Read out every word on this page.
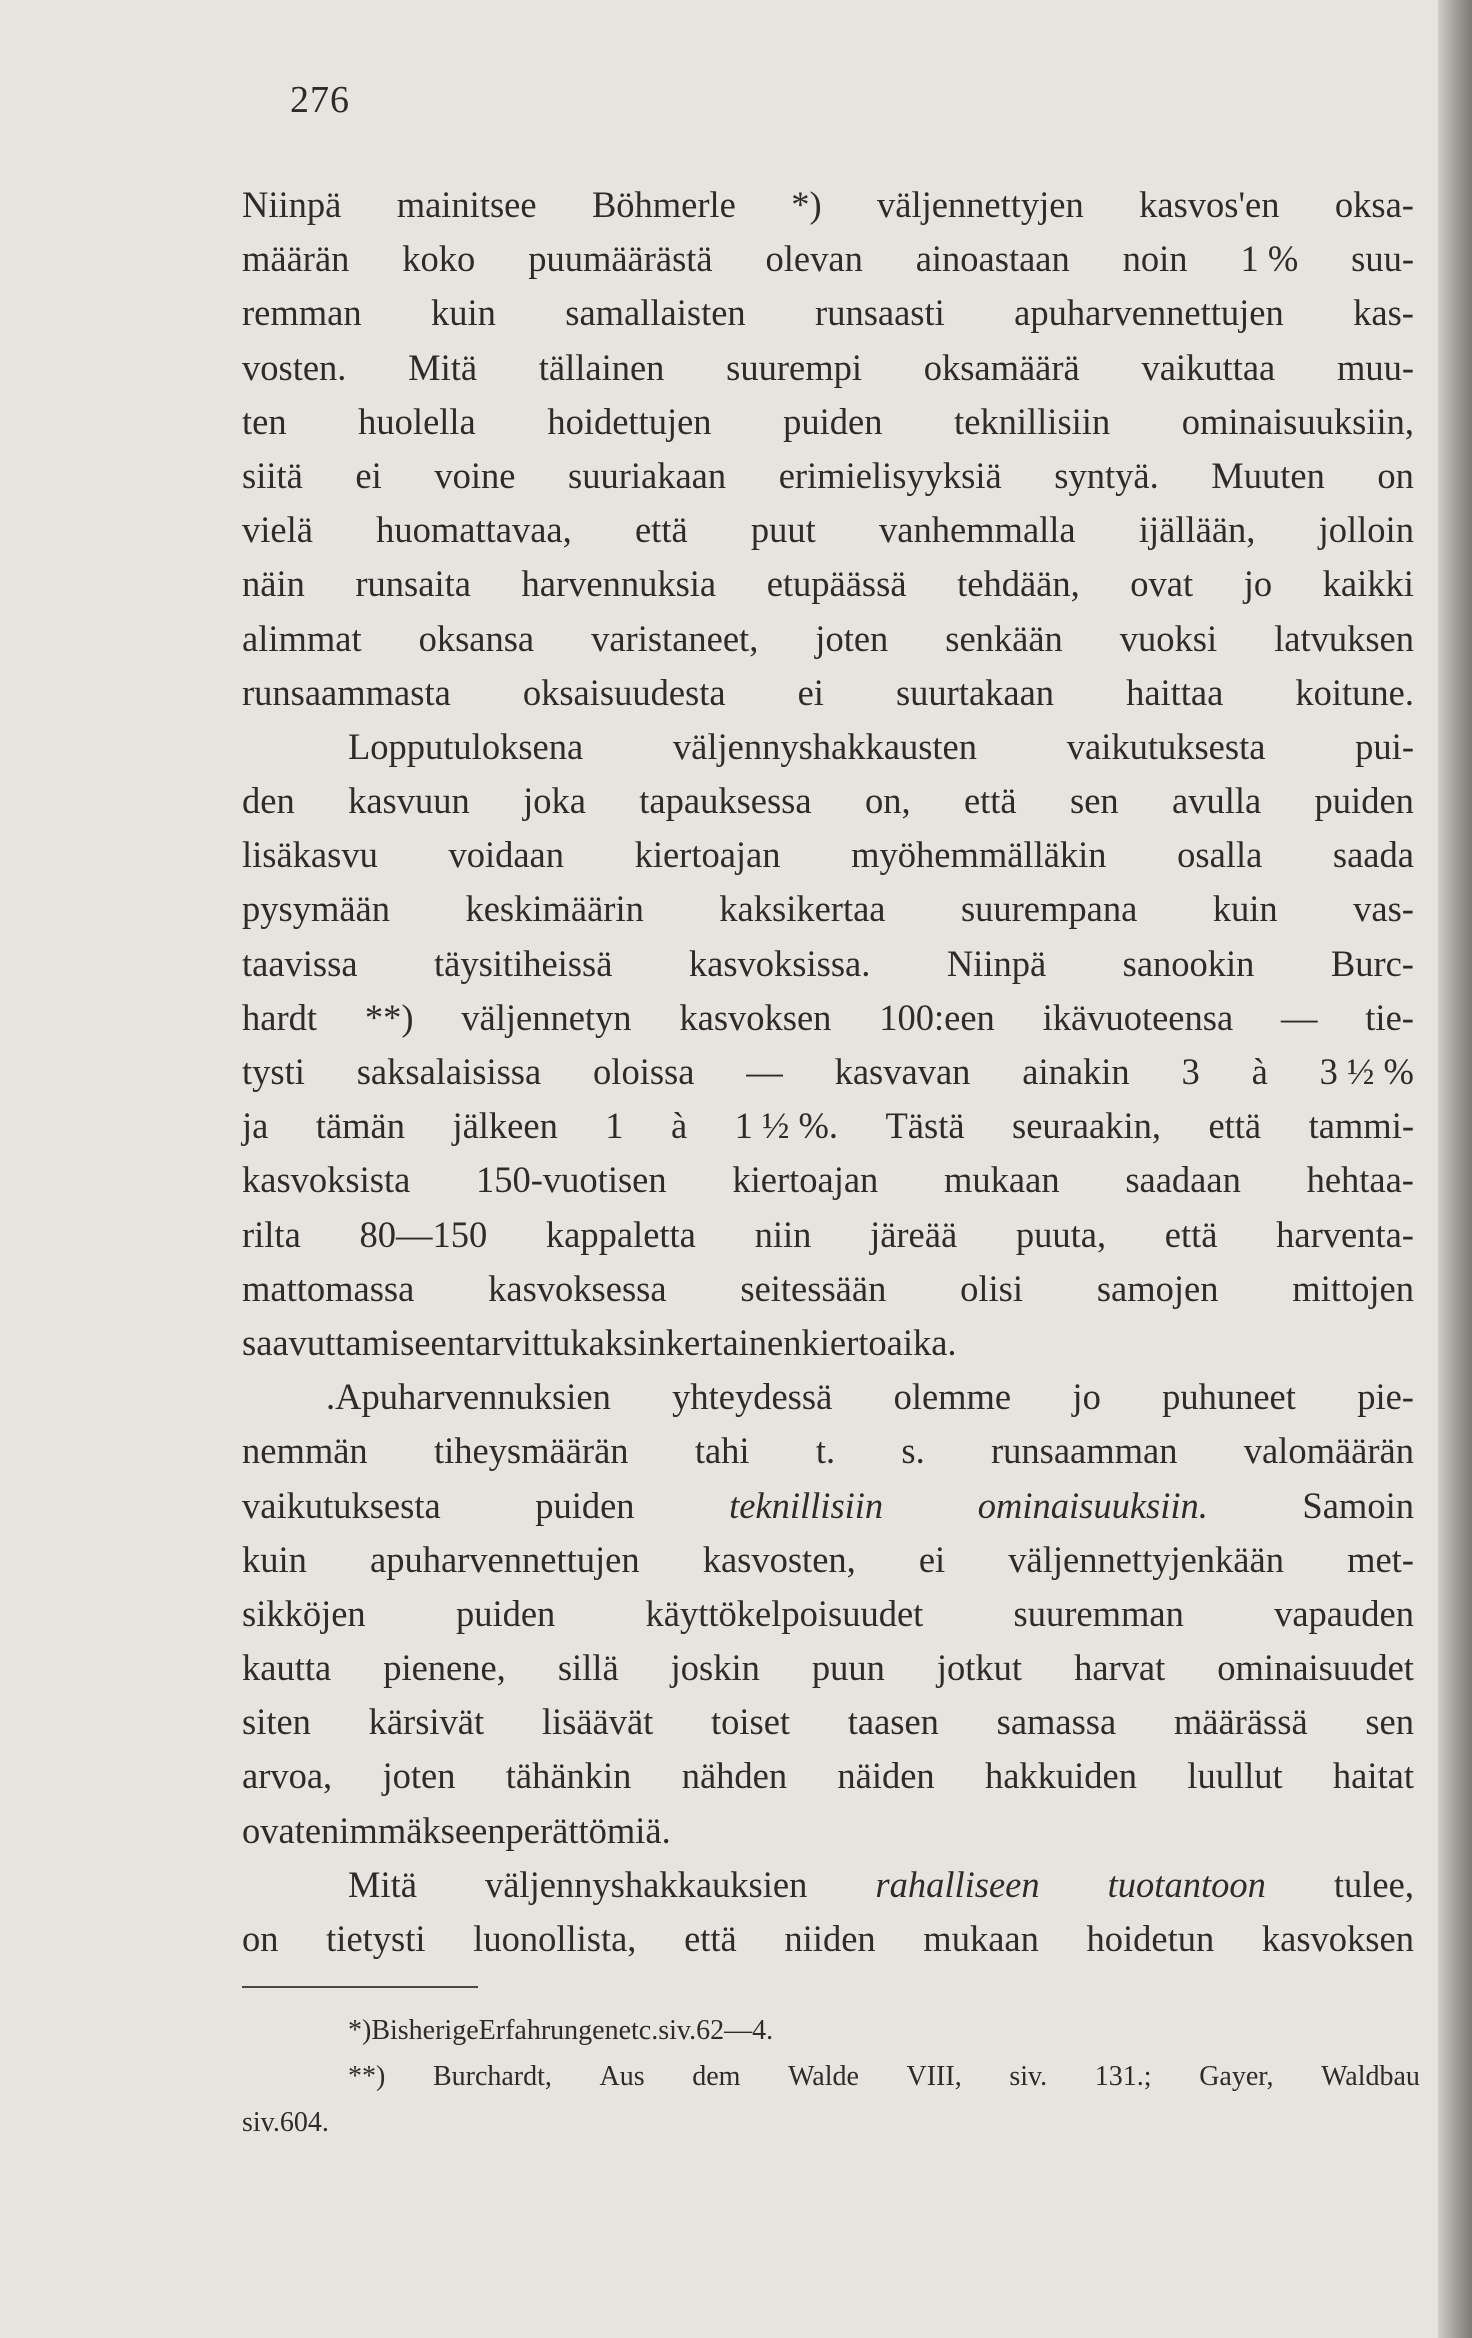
276
Niinpä mainitsee Böhmerle *) väljennettyjen kasvos'en oksa-
määrän koko puumäärästä olevan ainoastaan noin 1 % suu-
remman kuin samallaisten runsaasti apuharvennettujen kas-
vosten. Mitä tällainen suurempi oksamäärä vaikuttaa muu-
ten huolella hoidettujen puiden teknillisiin ominaisuuksiin,
siitä ei voine suuriakaan erimielisyyksiä syntyä. Muuten on
vielä huomattavaa, että puut vanhemmalla ijällään, jolloin
näin runsaita harvennuksia etupäässä tehdään, ovat jo kaikki
alimmat oksansa varistaneet, joten senkään vuoksi latvuksen
runsaammasta oksaisuudesta ei suurtakaan haittaa koitune.
Lopputuloksena väljennyshakkausten vaikutuksesta pui-
den kasvuun joka tapauksessa on, että sen avulla puiden
lisäkasvu voidaan kiertoajan myöhemmälläkin osalla saada
pysymään keskimäärin kaksikertaa suurempana kuin vas-
taavissa täysitiheissä kasvoksissa. Niinpä sanookin Burc-
hardt **) väljennetyn kasvoksen 100:een ikävuoteensa — tie-
tysti saksalaisissa oloissa — kasvavan ainakin 3 à 3 ½ %
ja tämän jälkeen 1 à 1 ½ %. Tästä seuraakin, että tammi-
kasvoksista 150-vuotisen kiertoajan mukaan saadaan hehtaa-
rilta 80—150 kappaletta niin järeää puuta, että harventa-
mattomassa kasvoksessa seitessään olisi samojen mittojen
saavuttamiseen tarvittu kaksinkertainen kiertoaika.
.Apuharvennuksien yhteydessä olemme jo puhuneet pie-
nemmän tiheysmäärän tahi t. s. runsaamman valomäärän
vaikutuksesta	puiden	teknillisiin	ominaisuuksiin.	Samoin
kuin apuharvennettujen kasvosten, ei väljennettyjenkään met-
sikköjen puiden käyttökelpoisuudet suuremman vapauden
kautta pienene, sillä joskin puun jotkut harvat ominaisuudet
siten kärsivät lisäävät toiset taasen samassa määrässä sen
arvoa, joten tähänkin nähden näiden hakkuiden luullut haitat
ovat enimmäkseen perättömiä.
Mitä väljennyshakkauksien rahalliseen tuotantoon tulee,
on tietysti luonollista, että niiden mukaan hoidetun kasvoksen
*) Bisherige Erfahrungen etc. siv. 62—4.
**) Burchardt, Aus dem Walde VIII, siv. 131.; Gayer, Waldbau
siv. 604.
